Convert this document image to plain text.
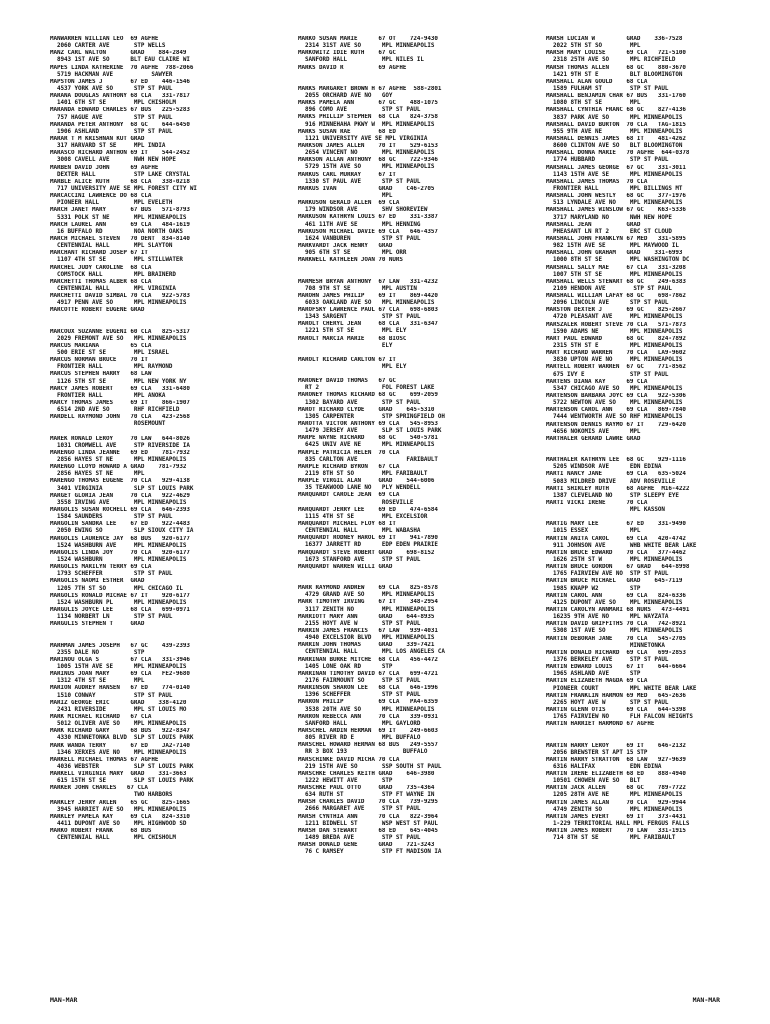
MANWARREN WILLIAN LEO  69 AGFHE
2060 CARTER AVE       STP WELLS
MANZ CARL WALTON       GRAD    884-2849
8943 1ST AVE SO      BLT EAU CLAIRE WI
MAPES LINDA KATHERINE  70 AGFHE  788-2066
5719 HACKMAN AVE           SAWYER
MAPSTON JAMES J        67 ED    446-1546
4537 YORK AVE SO      STP ST PAUL
MARANA DOUGLAS ANTHONY 68 CLA   331-7817
1401 6TH ST SE        MPL CHISHOLM
MARANDA EDWARD CHARLES 67 BUS   225-5283
757 HAGUE AVE         STP ST PAUL
MARANDA PETER ANTHONY  68 GC    644-6450
1906 ASHLAND          STP ST PAUL
MARAR T M KRISHNAN KUT GRAD
317 HARVARD ST SE     MPL INDIA
MARASCO RICHARD ANTHON 69 IT    544-2452
3008 CAVELL AVE       NWH NEW HOPE
MARBEN DAVID JOHN      69 AGFHE
DEXTER HALL           STP LAKE CRYSTAL
MARBLE ALICE RUTH      68 CLA   338-0218
717 UNIVERSITY AVE SE MPL FOREST CITY WI
MARCACCINI LAWRENCE DO 68 CLA
PIONEER HALL          MPL EVELETH
MARCH JANET MARY       67 BUS   571-8793
5331 POLK ST NE       MPL MINNEAPOLIS
MARCH LAUREL ANN       69 CLA   484-1619
16 BUFFALO RD         NOA NORTH OAKS
MARCH MICHAEL STEVEN   70 DENT  834-8140
CENTENNIAL HALL       MPL SLAYTON
MARCHANT RICHARD JOSEP 67 IT
1107 4TH ST SE        MPL STILLWATER
MARCHEL JUDY CAROLINE  68 CLA
COMSTOCK HALL         MPL BRAINERD
MARCHETTI THOMAS ALBER 68 CLA
CENTENNIAL HALL       MPL VIRGINIA
MARCHETTI DAVID SIMBAL 70 CLA   922-5783
4917 PENN AVE SO      MPL MINNEAPOLIS
MARCOTTE ROBERT EUGENE GRAD
MARCOUX SUZANNE EUGENI 60 CLA   825-5317
2029 FREMONT AVE SO   MPL MINNEAPOLIS
MARCUS MARIANA         65 CLA
500 ERIE ST SE        MPL ISRAEL
MARCUS NORMAN BRUCE    70 IT
FRONTIER HALL         MPL RAYMOND
MARCUS STEPHEN HARRY   68 LAW
1126 5TH ST SE        MPL NEW YORK NY
MARCY JAMES ROBERT     69 CLA   331-6480
FRONTIER HALL         MPL ANOKA
MARCY THOMAS JAMES     69 IT    866-1907
6514 2ND AVE SO       RHF RICHFIELD
MARDELL RAYMOND JOHN   70 CLA   423-2568
ROSEMOUNT
MAREK RONALD LEROY     70 LAW   644-8026
1031 CROMWELL AVE     STP RIVERSIDE IA
MARENGO LINDA JEANNE   69 ED    781-7932
2856 HAYES ST NE      MPL MINNEAPOLIS
MARENGO LLOYD HOWARD A GRAD    781-7932
2856 HAYES ST NE      MPL
MARENGO THOMAS EUGENE  70 CLA   929-4138
3401 VIRGINIA         SLP ST LOUIS PARK
MARGET GLORIA JEAN     70 CLA   922-4629
3558 IRVING AVE       MPL MINNEAPOLIS
MARGOLIS SUSAN ROCHELL 69 CLA   646-2393
1584 SAUNDERS         STP ST PAUL
MARGOLIN SANDRA LEE    67 ED    922-4483
2050 EWING SO         SLP SIOUX CITY IA
MARGOLIS LAURENCE JAY  68 BUS   920-6177
1524 WASHBURN AVE     MPL MINNEAPOLIS
MARGOLIS LINDA JOY     70 CLA   920-6177
1524 WASHBURN         MPL MINNEAPOLIS
MARGOLIS MARILYN TERRY 69 CLA
1793 SCHEFFER         STP ST PAUL
MARGOLIS NAOMI ESTHER  GRAD
1205 7TH ST SO        MPL CHICAGO IL
MARGOLIS RONALD MICHAE 67 IT    920-6177
1524 WASHBURN PL      MPL MINNEAPOLIS
MARGULIS JOYCE LEE     68 CLA   699-0971
1134 NORBERT LN       STP ST PAUL
MARGULIS STEPHEN T     GRAD
MARHMAN JAMES JOSEPH   67 GC    439-2393
2355 DALE NO          STP
MARINOU OLGA S         67 CLA   331-3946
1005 15TH AVE SE      MPL MINNEAPOLIS
MARINUS JOAN MARY      69 CLA   FE2-9680
1312 4TH ST SE        MPL
MARION AUDREY HANSEN   67 ED    774-0140
1510 CONWAY           STP ST PAUL
MARIZ GEORGE ERIC      GRAD    338-4120
2431 RIVERSIDE        MPL ST LOUIS MO
MARK MICHAEL RICHARD   67 CLA
5012 OLIVER AVE SO    MPL MINNEAPOLIS
MARK RICHARD GARY      68 BUS   922-8347
4330 MINNETONKA BLVD  SLP ST LOUIS PARK
MARK WANDA TERRY       67 ED    JA2-7140
1346 XERXES AVE NO    MPL MINNEAPOLIS
MARKELL MICHAEL THOMAS 67 AGFHE
4036 WEBSTER          SLP ST LOUIS PARK
MARKELL VIRGINIA MARY  GRAD    331-3663
615 15TH ST SE        SLP ST LOUIS PARK
MARKER JOHN CHARLES   67 CLA
TWO HARBORS
MARKLEY JERRY ARLEN    65 GC    825-1665
3945 HARRIET AVE SO   MPL MINNEAPOLIS
MARKLEY PAMELA KAY     69 CLA   824-3310
4411 DUPONT AVE SO    MPL HIGHWOOD SD
MARKO ROBERT FRANK     68 BUS
CENTENNIAL HALL       MPL CHISHOLM
MARKO SUSAN MARIE      67 OT    724-9430
2314 31ST AVE SO      MPL MINNEAPOLIS
MARKOWITZ IDIE RUTH    67 GC
SANFORD HALL          MPL NILES IL
MARKS DAVID R          69 AGFHE
MARKS MARGARET BROWN H 67 AGFHE  588-2801
2055 ORCHARD AVE NO   GOY
MARKS PAMELA ANN       67 GC    488-1075
896 COMO AVE          STP ST PAUL
MARKS PHILLIP STEPHEN  68 CLA   824-3758
916 MINNEHAHA PKWY W  MPL MINNEAPOLIS
MARKS SUSAN RAE        68 ED
1121 UNIVERSITY AVE SE MPL VIRGINIA
MARKSON JAMES ALLEN    70 IT    529-6153
2654 VINCENT NO       MPL MINNEAPOLIS
MARKSON ALLAN ANTHONY  68 GC    722-9346
5729 15TH AVE SO      MPL MINNEAPOLIS
MARKUS CARL MURRAY     67 IT
1330 ST PAUL AVE      STP ST PAUL
MARKUS IVAN            GRAD    C46-2705
MPL
MARKUSON GERALD ALLEN  69 CLA
179 WINDSOR AVE       SHV SHOREVIEW
MARKUSON KATHRYN LOUIS 67 ED    331-3387
461 11TH AVE SE       MPL HENNING
MARKUSON MICHAEL DAVIE 69 CLA   646-4357
1624 VANBUREN         STP ST PAUL
MARKVARDT JACK HENRY   GRAD
905 6TH ST SE         MPL ORR
MARKWELL KATHLEEN JOAN 70 NURS
MARMESH BRYAN ANTHONY  67 LAW   331-4232
708 9TH ST SE         MPL AUSTIN
MAROHN JAMES PHILIP    69 IT    869-4420
6033 OAKLAND AVE SO   MPL MINNEAPOLIS
MAROFSKY LAWRENCE PAUL 67 CLA   698-6803
1343 SARGENT          STP ST PAUL
MAROLT CHERYL JEAN     68 CLA   331-6347
1221 5TH ST SE        MPL ELY
MAROLT MARCIA MARIE    68 BIOSC
ELY
MAROLT RICHARD CARLTON 67 IT
MPL ELY
MARONEY DAVID THOMAS   67 GC
RT 2                  FOL FOREST LAKE
MARONEY THOMAS RICHARD 68 GC    699-2059
1302 BAYARD AVE       STP ST PAUL
MAROT RICHARD CLYDE    GRAD    645-5310
1305 CARPENTER        STP SPRINGFIELD OH
MAROTTA VICTOR ANTHONY 69 CLA   545-8953
1479 JERSEY AVE       SLP ST LOUIS PARK
MARPE WAYNE RICHARD    68 GC    540-5781
6425 UNIV AVE NE      MPL MINNEAPOLIS
MARPLE PATRICIA HELEN  70 CLA
835 CARLTON AVE              FARIBAULT
MARPLE RICHARD BYRON   67 CLA
2119 8TH ST SO        MPL FARIBAULT
MARPLE VIRGIL ALAN     GRAD    544-6006
35 TEAKWOOD LANE NO   PLY WENDELL
MARQUARDT CAROLE JEAN  69 CLA
ROSEVILLE
MARQUARDT JERRY LEE    69 ED    474-6584
1115 4TH ST SE        MPL EXCELSIOR
MARQUARDT MICHAEL FLOY 68 IT
CENTENNIAL HALL       MPL WABASHA
MARQUARDT RODNEY HAROL 69 IT    941-7890
16377 JARRETT RD      EDP EDEN PRAIRIE
MARQUARDT STEVE ROBERT GRAD    698-8152
1673 STANFORD AVE     STP ST PAUL
MARQUARDT WARREN WILLI GRAD
MARR RAYMOND ANDREW    69 CLA   825-8578
4729 GRAND AVE SO     MPL MINNEAPOLIS
MARR TIMOTHY IRVING    67 IT    348-2954
3117 ZENITH NO        MPL MINNEAPOLIS
MARRIOTT MARY ANN      GRAD    644-8935
2155 HOYT AVE W       STP ST PAUL
MARRIN JAMES FRANCIS   67 LAW   939-4031
4940 EXCELSIOR BLVD   MPL MINNEAPOLIS
MARRIN JOHN THOMAS     GRAD    339-7421
CENTENNIAL HALL       MPL LOS ANGELES CA
MARRINAN BURKE MITCHE  68 CLA   456-4472
1405 LONE OAK RD      STP
MARRINAN TIMOTHY DAVID 67 CLA   699-4721
2176 FAIRMOUNT SO     STP ST PAUL
MARRINSON SHARON LEE   68 CLA   646-1996
1396 SCHEFFER         STP ST PAUL
MARRON PHILIP          69 CLA   PA4-6359
3538 20TH AVE SO      MPL MINNEAPOLIS
MARRON REBECCA ANN     70 CLA   339-0931
SANFORD HALL          MPL GAYLORD
MARSCHEL ARDIN HERMAN  69 IT    249-6603
805 RIVER RD E        MPL BUFFALO
MARSCHEL HOWARD HERMAN 68 BUS   249-5557
RR 3 BOX 193                BUFFALO
MARSCHINKE DAVID MICHA 70 CLA
219 15TH AVE SO       SSP SOUTH ST PAUL
MARSCHKE CHARLES KEITH GRAD    646-3980
1222 HEWITT AVE       STP
MARSCHKE PAUL OTTO     GRAD    735-4364
634 RUTH ST           STP FT WAYNE IN
MARSH CHARLES DAVID    70 CLA   739-9295
2666 MARGARET AVE     STP ST PAUL
MARSH CYNTHIA ANN      70 CLA   822-3964
1211 BIDWELL ST       WSP WEST ST PAUL
MARSH DAN STEWART      68 ED    645-4045
1489 BREDA AVE        STP ST PAUL
MARSH DONALD GENE      GRAD    721-3243
76 C RAMSEY           STP FT MADISON IA
MARSH LUCIAN W         GRAD    336-7528
2022 5TH ST SO        MPL
MARSH MARY LOUISE      69 CLA   721-5100
2318 25TH AVE SO      MPL RICHFIELD
MARSH THOMAS ALLEN     68 GC    880-3670
1421 9TH ST E         BLT BLOOMINGTON
MARSHALL ALAN GOULD    68 CLA
1589 FULHAM ST        STP ST PAUL
MARSHALL BENJAMIN CHAR 67 BUS   331-1760
1080 8TH ST SE        MPL
MARSHALL CYNTHIA FRANC 68 GC    827-4136
3837 PARK AVE SO      MPL MINNEAPOLIS
MARSHALL DAVID BURTON  70 CLA   TAG-1815
955 9TH AVE NE        MPL MINNEAPOLIS
MARSHALL DENNIS JAMES  68 IT    481-4262
8600 CLINTON AVE SO   BLT BLOOMINGTON
MARSHALL DONNA MARIE   70 AGFHE  644-0378
1774 HUBBARD          STP ST PAUL
MARSHALL JAMES GEORGE  67 GC    331-3011
1143 15TH AVE SE      MPL MINNEAPOLIS
MARSHALL JAMES THOMAS  70 CLA
FRONTIER HALL         MPL BILLINGS MT
MARSHALL JOHN WESTLY   68 GC    377-1976
513 LYNDALE AVE NO    MPL MINNEAPOLIS
MARSHALL JAMES WINSLOW 67 GC    K63-5336
3717 MARYLAND NO      NWH NEW HOPE
MARSHALL JEAN          GRAD
PHEASANT LN RT 2      ERC ST CLOUD
MARSHALL JOHN FRANKLYN 67 MED   331-5895
982 15TH AVE SE       MPL MAYWOOD IL
MARSHALL JOHN GRAHAM   GRAD    331-6993
1000 8TH ST SE        MPL WASHINGTON DC
MARSHALL SALLY MAE     67 CLA   331-3208
1007 5TH ST SE        MPL MINNEAPOLIS
MARSHALL WELLS STEWART 68 GC    249-6383
2109 HENDON AVE        STP ST PAUL
MARSHALL WILLIAM LAFAY 68 GC    698-7862
2096 LINCOLN AVE      STP ST PAUL
MARSTON DEXTER J       69 GC    825-2667
4720 PLEASANT AVE     MPL MINNEAPOLIS
MARSZALEK ROBERT STEVE 70 CLA   571-7873
1590 ADAMS NE         MPL MINNEAPOLIS
MART PAUL EDWARD       68 GC    824-7892
2315 5TH ST E         MPL MINNEAPOLIS
MART RICHARD WARREN    70 CLA   LA9-9602
3830 UPTON AVE NO     MPL MINNEAPOLIS
MARTELL ROBERT WARREN  67 GC    771-8562
675 IVY E             STP ST PAUL
MARTENS DIANA KAY      69 CLA
5347 CHICAGO AVE SO   MPL MINNEAPOLIS
MARTENSON BARBARA JOYC 69 CLA   922-5306
5722 NEWTON AVE SO    MPL MINNEAPOLIS
MARTENSON CAROL ANN    69 CLA   869-7840
7444 WENTWORTH AVE SO RHF MINNEAPOLIS
MARTENSON DENNIS RAYMO 67 IT    729-6420
4656 NOKOMIS AVE      MPL
MARTHALER GERARD LAWRE GRAD
MARTHALER KATHRYN LEE  68 GC    929-1116
5205 WINDSOR AVE      EDN EDINA
MARTI NANCY JANE       69 CLA   635-5024
5083 MILDRED DRIVE    ADV ROSEVILLE
MARTI SHIRLEY RUTH     68 AGFHE  M16-4222
1387 CLEVELAND NO     STP SLEEPY EYE
MARTI VICKI IRENE      70 CLA
MPL KASSON
MARTIG MARY LEE        67 ED    331-9490
1015 ESSEX            MPL
MARTIN ANITA CAROL     69 CLA   420-4742
911 JOHNSON AVE       WHB WHITE BEAR LAKE
MARTIN BRUCE EDWARD    70 CLA   377-4462
1626 25TH ST W        MPL MINNEAPOLIS
MARTIN BRUCE GORDON    67 GRAD   644-8998
1765 FAIRVIEW AVE NO  STP ST PAUL
MARTIN BRUCE MICHAEL   GRAD    645-7119
1985 KNAPP W2         STP
MARTIN CAROL ANN       69 CLA   824-6336
4125 DUPONT AVE SO    MPL MINNEAPOLIS
MARTIN CAROLYN ANNMARI 68 NURS   473-4491
16235 9TH AVE NO      MPL WAYZATA
MARTIN DAVID GRIFFITHS 70 CLA   742-8921
5308 1ST AVE SO       MPL MINNEAPOLIS
MARTIN DEBORAH JANE    70 CLA   545-2705
MINNETONKA
MARTIN DONALD RICHARD  69 CLA   699-2853
1376 BERKELEY AVE     STP ST PAUL
MARTIN EDWARD LOUIS    67 IT    644-6664
1965 ASHLAND AVE      STP
MARTIN ELIZABETH MAGDA 69 CLA
PIONEER COURT         MPL WHITE BEAR LAKE
MARTIN FRANKLIN HARMON 69 MED   645-2636
2265 HOYT AVE W       STP ST PAUL
MARTIN GLENN OTIS      69 CLA   644-5398
1765 FAIRVIEW NO      FLH FALCON HEIGHTS
MARTIN HARRIET HARMOND 67 AGFHE
MARTIN HARRY LEROY     69 IT    646-2132
2056 BREWSTER ST APT 15 STP
MARTIN HARRY STRATTON  68 LAW   927-9639
6316 HALIFAX          EDN EDINA
MARTIN IRENE ELIZABETH 68 ED    888-4940
10501 CHOWEN AVE SO   BLT
MARTIN JACK ALLEN      68 GC    789-7722
1205 28TH AVE NE      MPL MINNEAPOLIS
MARTIN JAMES ALLAN     70 CLA   929-9944
4749 ZENITH SO        MPL MINNEAPOLIS
MARTIN JAMES EVERT     69 IT    373-4431
1-229 TERRITORIAL HALL MPL FERGUS FALLS
MARTIN JAMES ROBERT    70 LAW   331-1915
714 8TH ST SE         MPL FARIBAULT
MAN-MAR	MAN-MAR
